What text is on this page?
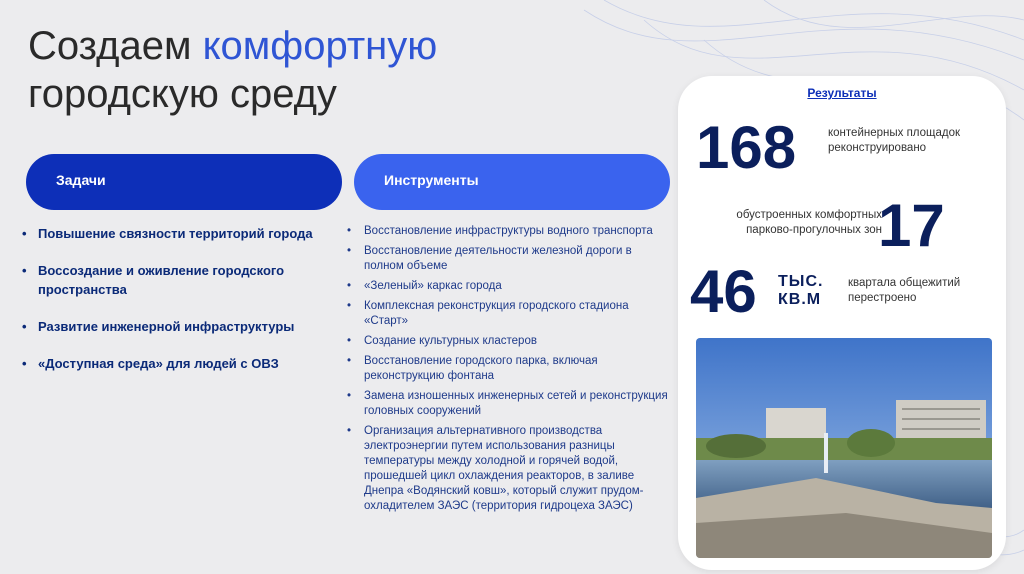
Создаем комфортную
городскую среду
Задачи	Инструменты
• Повышение связности территорий города
• Воссоздание и оживление городского пространства
• Развитие инженерной инфраструктуры
• «Доступная среда» для людей с ОВЗ
• Восстановление инфраструктуры водного транспорта
• Восстановление деятельности железной дороги в полном объеме
• «Зеленый» каркас города
• Комплексная реконструкция городского стадиона «Старт»
• Создание культурных кластеров
• Восстановление городского парка, включая реконструкцию фонтана
• Замена изношенных инженерных сетей и реконструкция головных сооружений
• Организация альтернативного производства электроэнергии путем использования разницы температуры между холодной и горячей водой, прошедшей цикл охлаждения реакторов, в заливе Днепра «Водянский ковш», который служит прудом-охладителем ЗАЭС (территория гидроцеха ЗАЭС)
Результаты
168	контейнерных площадок реконструировано
обустроенных комфортных парково-прогулочных зон
17
46 ТЫС.
КВ.М
квартала общежитий перестроено
